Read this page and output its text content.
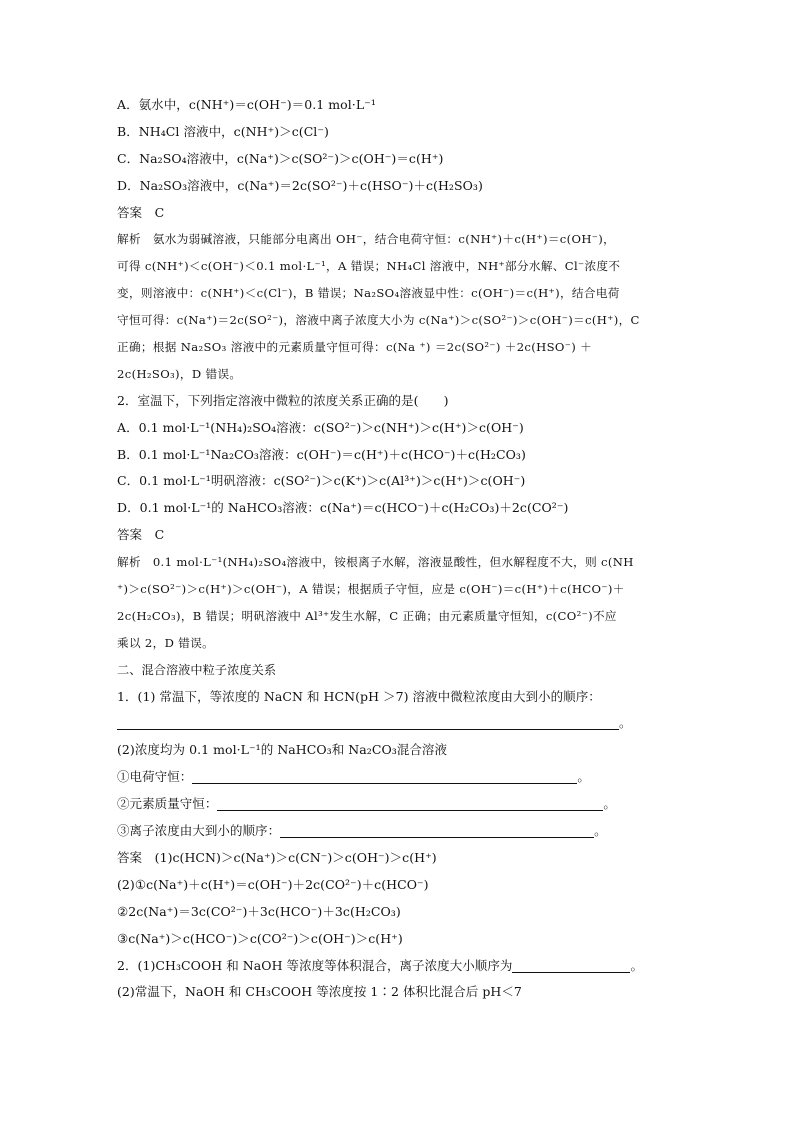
A．氨水中，c(NH⁺)＝c(OH⁻)＝0.1 mol·L⁻¹
B．NH₄Cl 溶液中，c(NH⁺)＞c(Cl⁻)
C．Na₂SO₄溶液中，c(Na⁺)＞c(SO²⁻)＞c(OH⁻)＝c(H⁺)
D．Na₂SO₃溶液中，c(Na⁺)＝2c(SO²⁻)＋c(HSO⁻)＋c(H₂SO₃)
答案　C
解析　氨水为弱碱溶液，只能部分电离出 OH⁻，结合电荷守恒：c(NH⁺)＋c(H⁺)＝c(OH⁻)，
可得 c(NH⁺)＜c(OH⁻)＜0.1 mol·L⁻¹，A 错误；NH₄Cl 溶液中，NH⁺部分水解、Cl⁻浓度不
变，则溶液中：c(NH⁺)＜c(Cl⁻)，B 错误；Na₂SO₄溶液显中性：c(OH⁻)＝c(H⁺)，结合电荷
守恒可得：c(Na⁺)＝2c(SO²⁻)，溶液中离子浓度大小为 c(Na⁺)＞c(SO²⁻)＞c(OH⁻)＝c(H⁺)，C
正确；根据 Na₂SO₃ 溶液中的元素质量守恒可得：c(Na ⁺) ＝2c(SO²⁻) ＋2c(HSO⁻) ＋
2c(H₂SO₃)，D 错误。
2．室温下，下列指定溶液中微粒的浓度关系正确的是(　　)
A．0.1 mol·L⁻¹(NH₄)₂SO₄溶液：c(SO²⁻)＞c(NH⁺)＞c(H⁺)＞c(OH⁻)
B．0.1 mol·L⁻¹Na₂CO₃溶液：c(OH⁻)＝c(H⁺)＋c(HCO⁻)＋c(H₂CO₃)
C．0.1 mol·L⁻¹明矾溶液：c(SO²⁻)＞c(K⁺)＞c(Al³⁺)＞c(H⁺)＞c(OH⁻)
D．0.1 mol·L⁻¹的 NaHCO₃溶液：c(Na⁺)＝c(HCO⁻)＋c(H₂CO₃)＋2c(CO²⁻)
答案　C
解析　0.1 mol·L⁻¹(NH₄)₂SO₄溶液中，铵根离子水解，溶液显酸性，但水解程度不大，则 c(NH
⁺)＞c(SO²⁻)＞c(H⁺)＞c(OH⁻)，A 错误；根据质子守恒，应是 c(OH⁻)＝c(H⁺)＋c(HCO⁻)＋
2c(H₂CO₃)，B 错误；明矾溶液中 Al³⁺发生水解，C 正确；由元素质量守恒知，c(CO²⁻)不应
乘以 2，D 错误。
二、混合溶液中粒子浓度关系
1．(1) 常温下，等浓度的 NaCN 和 HCN(pH ＞7) 溶液中微粒浓度由大到小的顺序：
。
(2)浓度均为 0.1 mol·L⁻¹的 NaHCO₃和 Na₂CO₃混合溶液
①电荷守恒：	。
②元素质量守恒：	。
③离子浓度由大到小的顺序：	。
答案　(1)c(HCN)＞c(Na⁺)＞c(CN⁻)＞c(OH⁻)＞c(H⁺)
(2)①c(Na⁺)＋c(H⁺)＝c(OH⁻)＋2c(CO²⁻)＋c(HCO⁻)
②2c(Na⁺)＝3c(CO²⁻)＋3c(HCO⁻)＋3c(H₂CO₃)
③c(Na⁺)＞c(HCO⁻)＞c(CO²⁻)＞c(OH⁻)＞c(H⁺)
2．(1)CH₃COOH 和 NaOH 等浓度等体积混合，离子浓度大小顺序为	。
(2)常温下，NaOH 和 CH₃COOH 等浓度按 1∶2 体积比混合后 pH＜7
